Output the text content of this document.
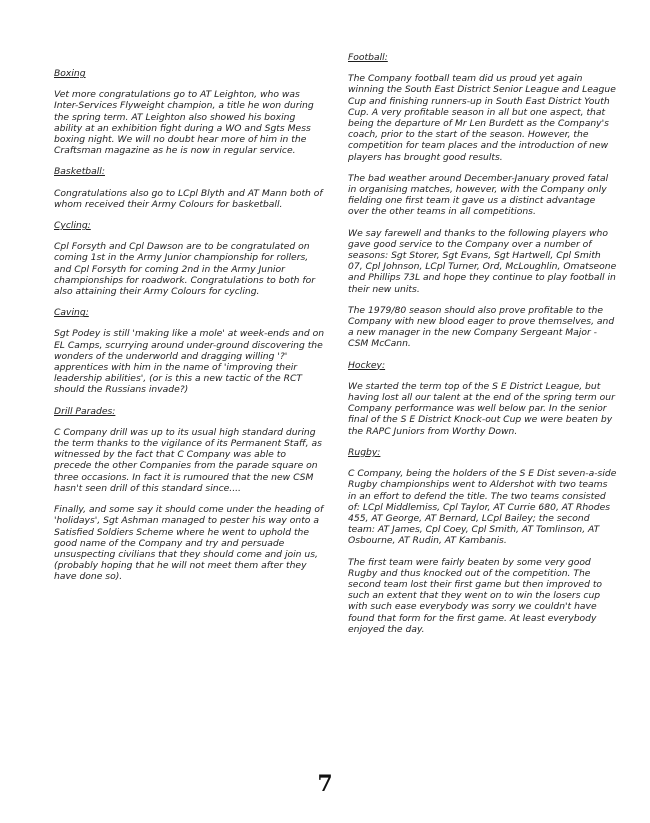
Boxing

Vet more congratulations go to AT Leighton, who was Inter-Services Flyweight champion, a title he won during the spring term. AT Leighton also showed his boxing ability at an exhibition fight during a WO and Sgts Mess boxing night. We will no doubt hear more of him in the Craftsman magazine as he is now in regular service.

Basketball:

Congratulations also go to LCpl Blyth and AT Mann both of whom received their Army Colours for basketball.

Cycling:

Cpl Forsyth and Cpl Dawson are to be congratulated on coming 1st in the Army Junior championship for rollers, and Cpl Forsyth for coming 2nd in the Army Junior championships for roadwork. Congratulations to both for also attaining their Army Colours for cycling.

Caving:

Sgt Podey is still 'making like a mole' at week-ends and on EL Camps, scurrying around under-ground discovering the wonders of the underworld and dragging willing '?' apprentices with him in the name of 'improving their leadership abilities', (or is this a new tactic of the RCT should the Russians invade?)

Drill Parades:

C Company drill was up to its usual high standard during the term thanks to the vigilance of its Permanent Staff, as witnessed by the fact that C Company was able to precede the other Companies from the parade square on three occasions. In fact it is rumoured that the new CSM hasn't seen drill of this standard since....

Finally, and some say it should come under the heading of 'holidays', Sgt Ashman managed to pester his way onto a Satisfied Soldiers Scheme where he went to uphold the good name of the Company and try and persuade unsuspecting civilians that they should come and join us, (probably hoping that he will not meet them after they have done so).

Football:

The Company football team did us proud yet again winning the South East District Senior League and League Cup and finishing runners-up in South East District Youth Cup. A very profitable season in all but one aspect, that being the departure of Mr Len Burdett as the Company's coach, prior to the start of the season. However, the competition for team places and the introduction of new players has brought good results.

The bad weather around December-January proved fatal in organising matches, however, with the Company only fielding one first team it gave us a distinct advantage over the other teams in all competitions.

We say farewell and thanks to the following players who gave good service to the Company over a number of seasons: Sgt Storer, Sgt Evans, Sgt Hartwell, Cpl Smith 07, Cpl Johnson, LCpl Turner, Ord, McLoughlin, Omatseone and Phillips 73L and hope they continue to play football in their new units.

The 1979/80 season should also prove profitable to the Company with new blood eager to prove themselves, and a new manager in the new Company Sergeant Major - CSM McCann.

Hockey:

We started the term top of the S E District League, but having lost all our talent at the end of the spring term our Company performance was well below par. In the senior final of the S E District Knock-out Cup we were beaten by the RAPC Juniors from Worthy Down.

Rugby:

C Company, being the holders of the S E Dist seven-a-side Rugby championships went to Aldershot with two teams in an effort to defend the title. The two teams consisted of: LCpl Middlemiss, Cpl Taylor, AT Currie 680, AT Rhodes 455, AT George, AT Bernard, LCpl Bailey; the second team: AT James, Cpl Coey, Cpl Smith, AT Tomlinson, AT Osbourne, AT Rudin, AT Kambanis.

The first team were fairly beaten by some very good Rugby and thus knocked out of the competition. The second team lost their first game but then improved to such an extent that they went on to win the losers cup with such ease everybody was sorry we couldn't have found that form for the first game. At least everybody enjoyed the day.

7
